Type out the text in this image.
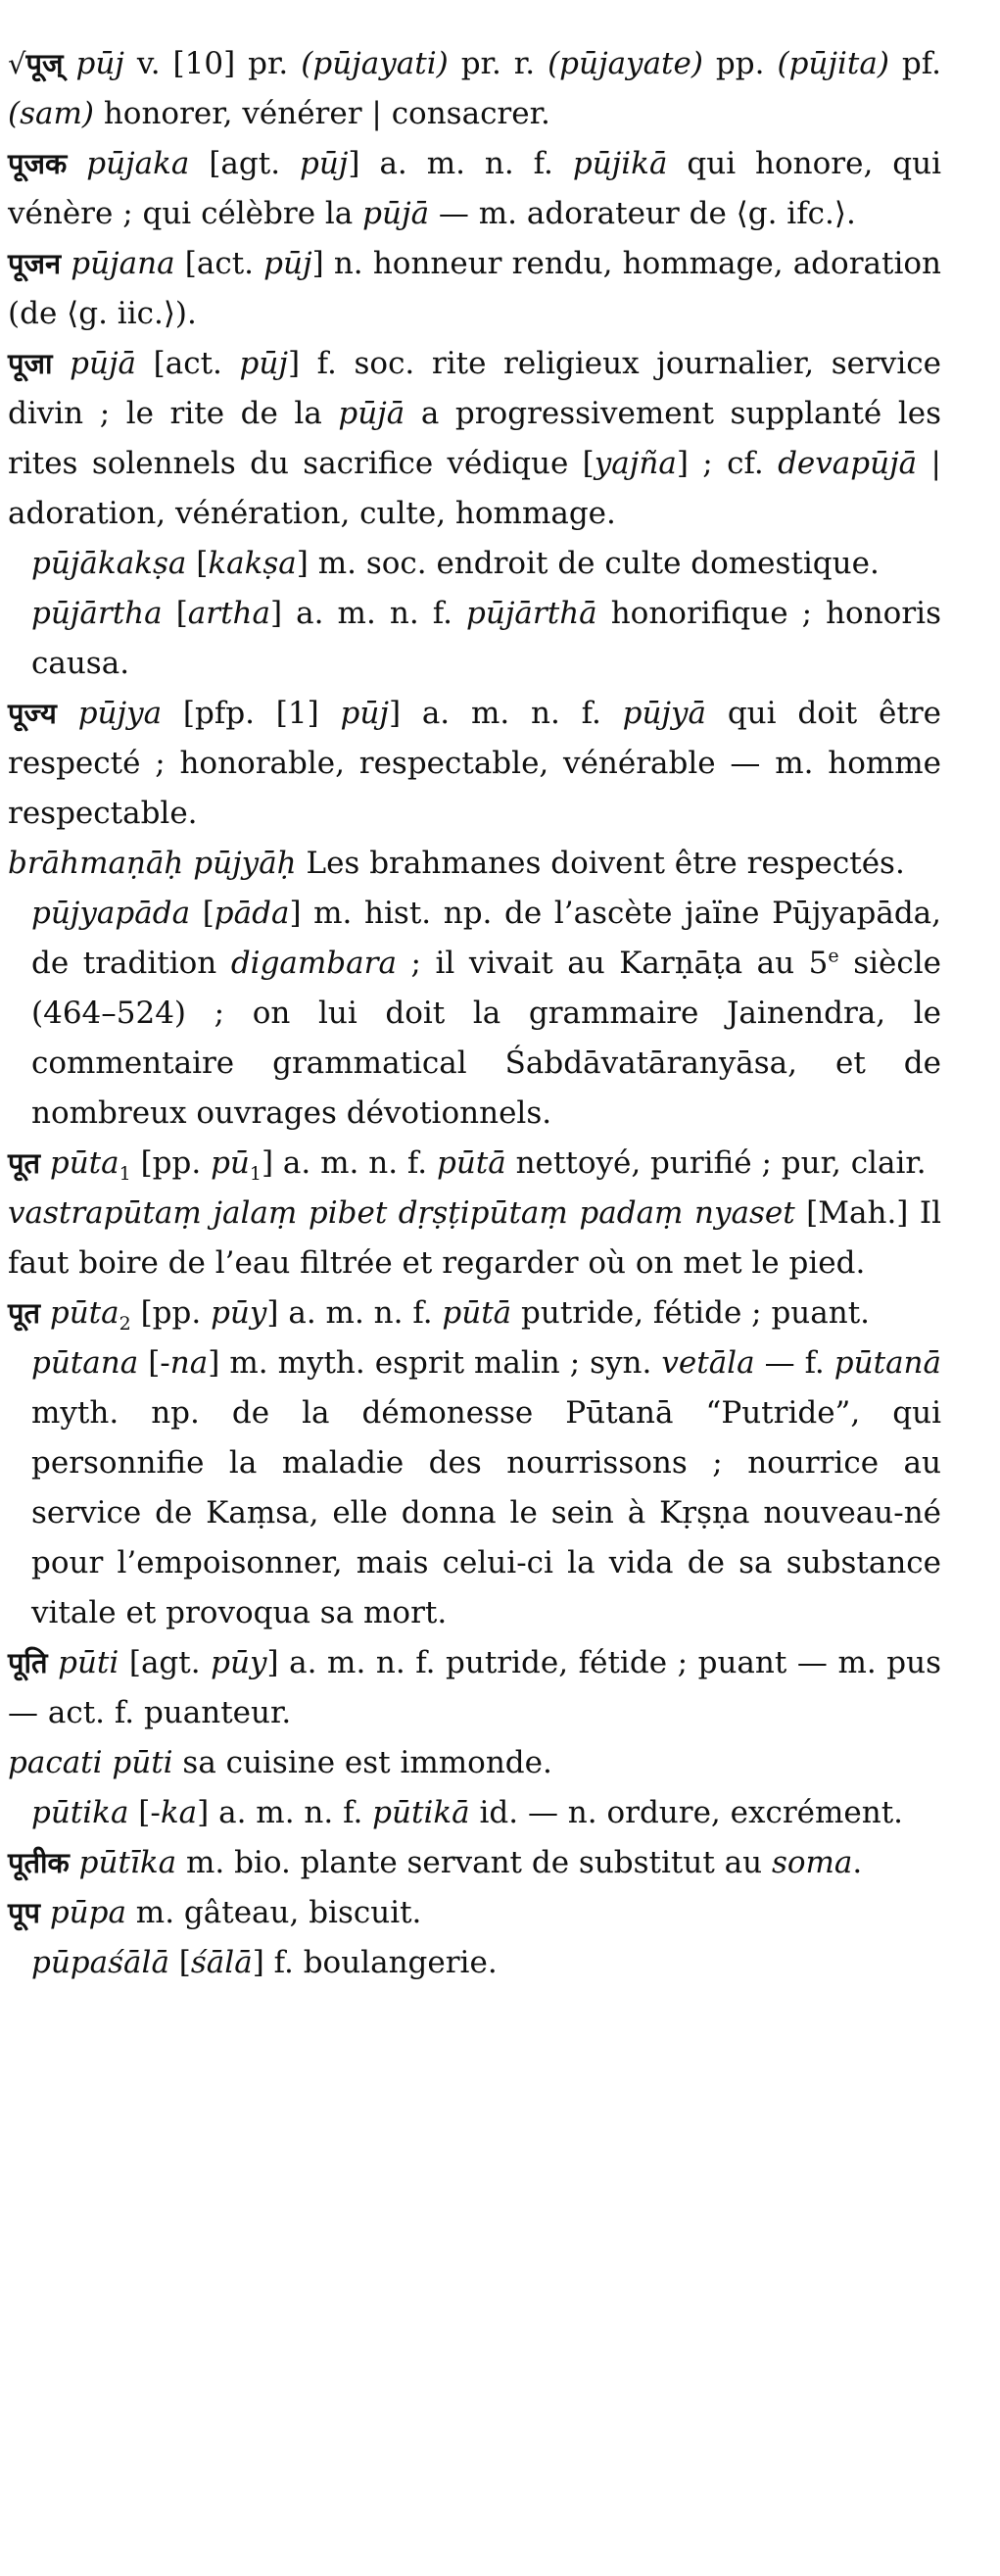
√पूज् pūj v. [10] pr. (pūjayati) pr. r. (pūjayate) pp. (pūjita) pf. (sam) honorer, vénérer | consacrer.

पूजक pūjaka [agt. pūj] a. m. n. f. pūjikā qui honore, qui vénère ; qui célèbre la pūjā — m. adorateur de ⟨g. ifc.⟩.

पूजन pūjana [act. pūj] n. honneur rendu, hommage, adoration (de ⟨g. iic.⟩).

पूजा pūjā [act. pūj] f. soc. rite religieux journalier, service divin ; le rite de la pūjā a progressivement supplanté les rites solennels du sacrifice védique [yajña] ; cf. devapūjā | adoration, vénération, culte, hommage.

pūjākakṣa [kakṣa] m. soc. endroit de culte domestique.

pūjārtha [artha] a. m. n. f. pūjārthā honorifique ; honoris causa.

पूज्य pūjya [pfp. [1] pūj] a. m. n. f. pūjyā qui doit être respecté ; honorable, respectable, vénérable — m. homme respectable.

brāhmaṇāḥ pūjyāḥ Les brahmanes doivent être respectés.

pūjyapāda [pāda] m. hist. np. de l’ascète jaïne Pūjyapāda, de tradition digambara ; il vivait au Karṇāṭa au 5e siècle (464–524) ; on lui doit la grammaire Jainendra, le commentaire grammatical Śabdāvatāranyāsa, et de nombreux ouvrages dévotionnels.

पूत pūta$_1$ [pp. $pū_1$] a. m. n. f. pūtā nettoyé, purifié ; pur, clair.

vastrapūtaṃ jalaṃ pibet dṛṣṭipūtaṃ padaṃ nyaset [Mah.] Il faut boire de l’eau filtrée et regarder où on met le pied.

पूत pūta$_2$ [pp. pūy] a. m. n. f. pūtā putride, fétide ; puant.

pūtana [-na] m. myth. esprit malin ; syn. vetāla — f. pūtanā myth. np. de la démonesse Pūtanā “Putride”, qui personnifie la maladie des nourrissons ; nourrice au service de Kaṃsa, elle donna le sein à Kṛṣṇa nouveau-né pour l’empoisonner, mais celui-ci la vida de sa substance vitale et provoqua sa mort.

पूति pūti [agt. pūy] a. m. n. f. putride, fétide ; puant — m. pus — act. f. puanteur.

pacati pūti sa cuisine est immonde.

pūtika [-ka] a. m. n. f. pūtikā id. — n. ordure, excrément.

पूतीक pūtīka m. bio. plante servant de substitut au soma.

पूप pūpa m. gâteau, biscuit.

pūpaśālā [śālā] f. boulangerie.
